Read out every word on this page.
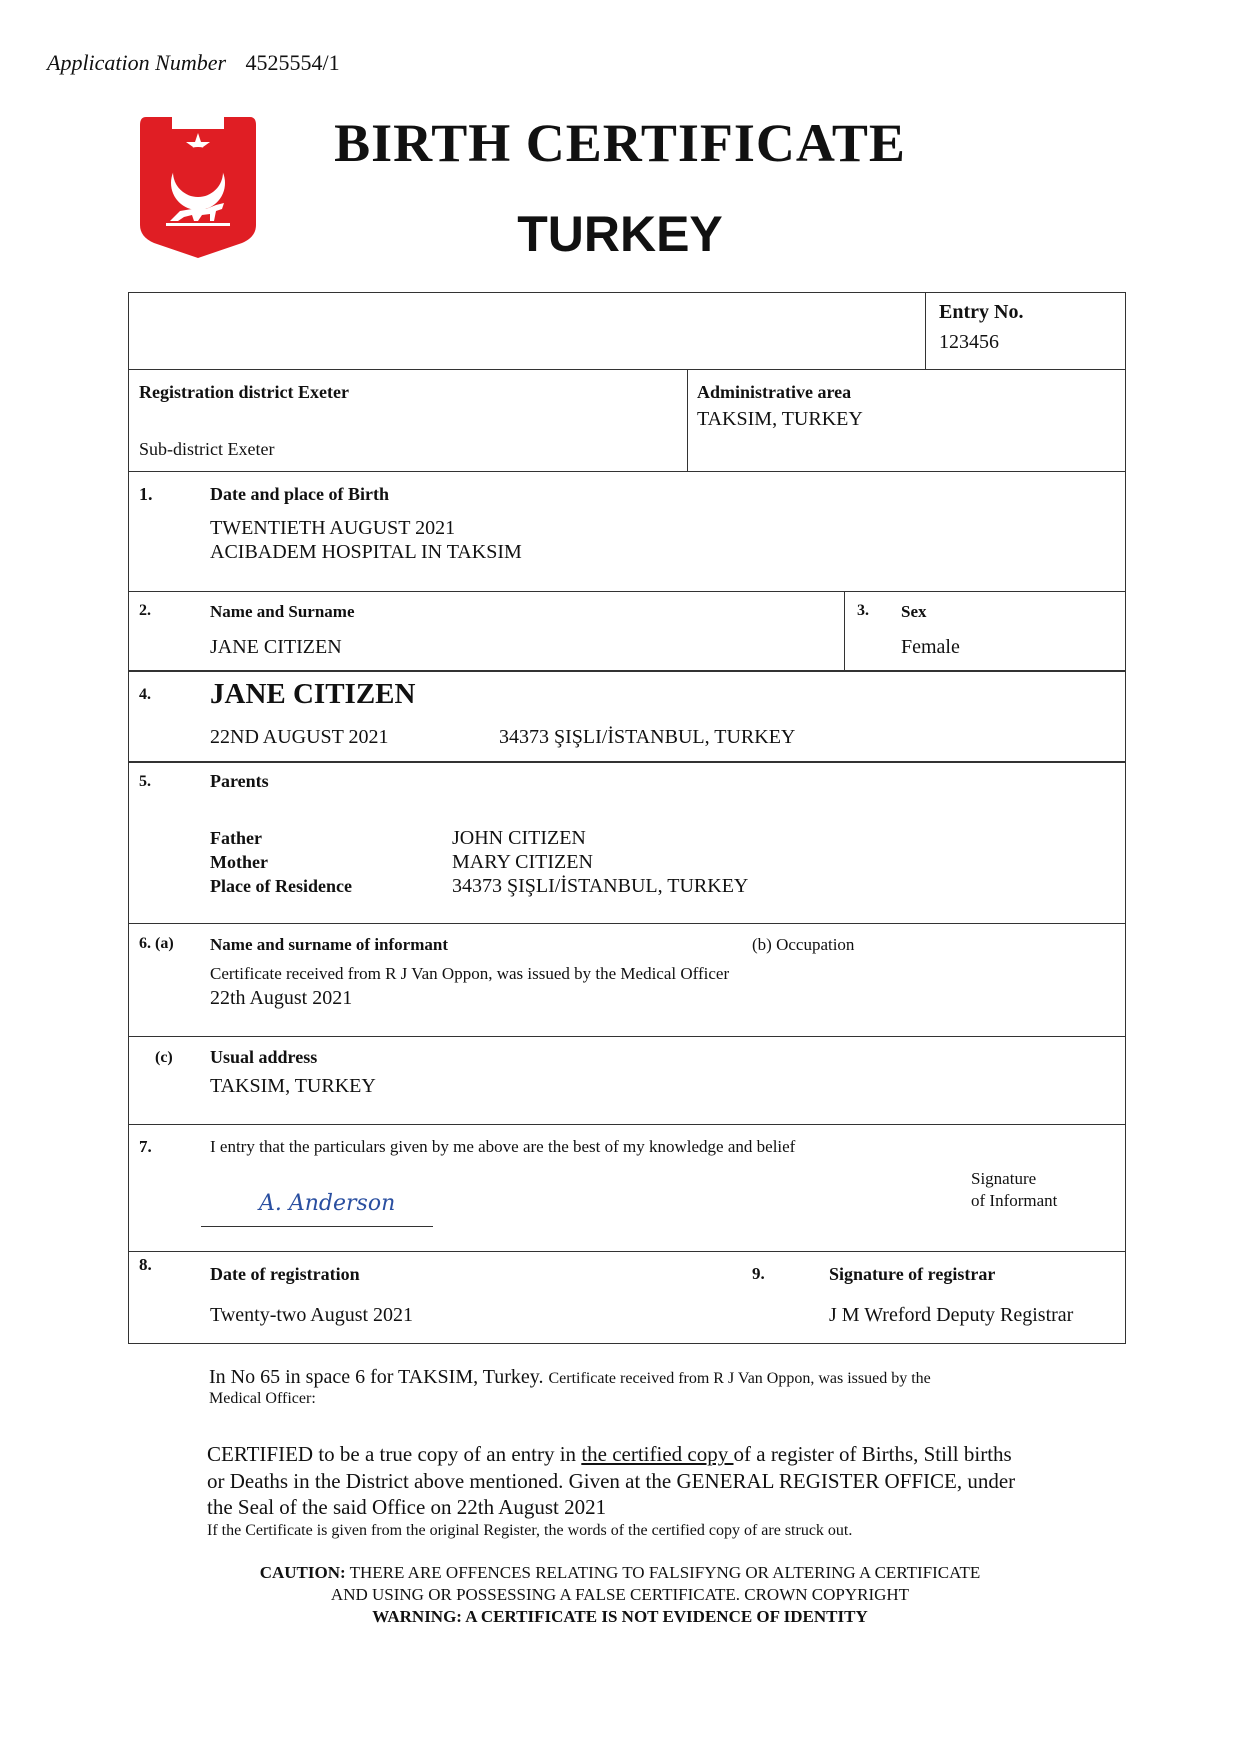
Application Number 4525554/1
BIRTH CERTIFICATE
TURKEY
Entry No.
123456
Registration district Exeter
Sub-district Exeter
Administrative area
TAKSIM, TURKEY
1.	Date and place of Birth
TWENTIETH AUGUST 2021
ACIBADEM HOSPITAL IN TAKSIM
2.	Name and Surname
JANE CITIZEN
3. Sex
Female
4. JANE CITIZEN
22ND AUGUST 2021	34373 ŞIŞLI/İSTANBUL, TURKEY
5.	Parents
Father	JOHN CITIZEN
Mother	MARY CITIZEN
Place of Residence	34373 ŞIŞLI/İSTANBUL, TURKEY
6. (a) Name and surname of informant	(b) Occupation
Certificate received from R J Van Oppon, was issued by the Medical Officer
22th August 2021
(c) Usual address
TAKSIM, TURKEY
7.	I entry that the particulars given by me above are the best of my knowledge and belief
A. Anderson
Signature
of Informant
8.	Date of registration
Twenty-two August 2021
9.	Signature of registrar
J M Wreford Deputy Registrar
In No 65 in space 6 for TAKSIM, Turkey. Certificate received from R J Van Oppon, was issued by the
Medical Officer:
CERTIFIED to be a true copy of an entry in the certified copy of a register of Births, Still births
or Deaths in the District above mentioned. Given at the GENERAL REGISTER OFFICE, under
the Seal of the said Office on 22th August 2021
If the Certificate is given from the original Register, the words of the certified copy of are struck out.
CAUTION: THERE ARE OFFENCES RELATING TO FALSIFYNG OR ALTERING A CERTIFICATE
AND USING OR POSSESSING A FALSE CERTIFICATE. CROWN COPYRIGHT
WARNING: A CERTIFICATE IS NOT EVIDENCE OF IDENTITY
